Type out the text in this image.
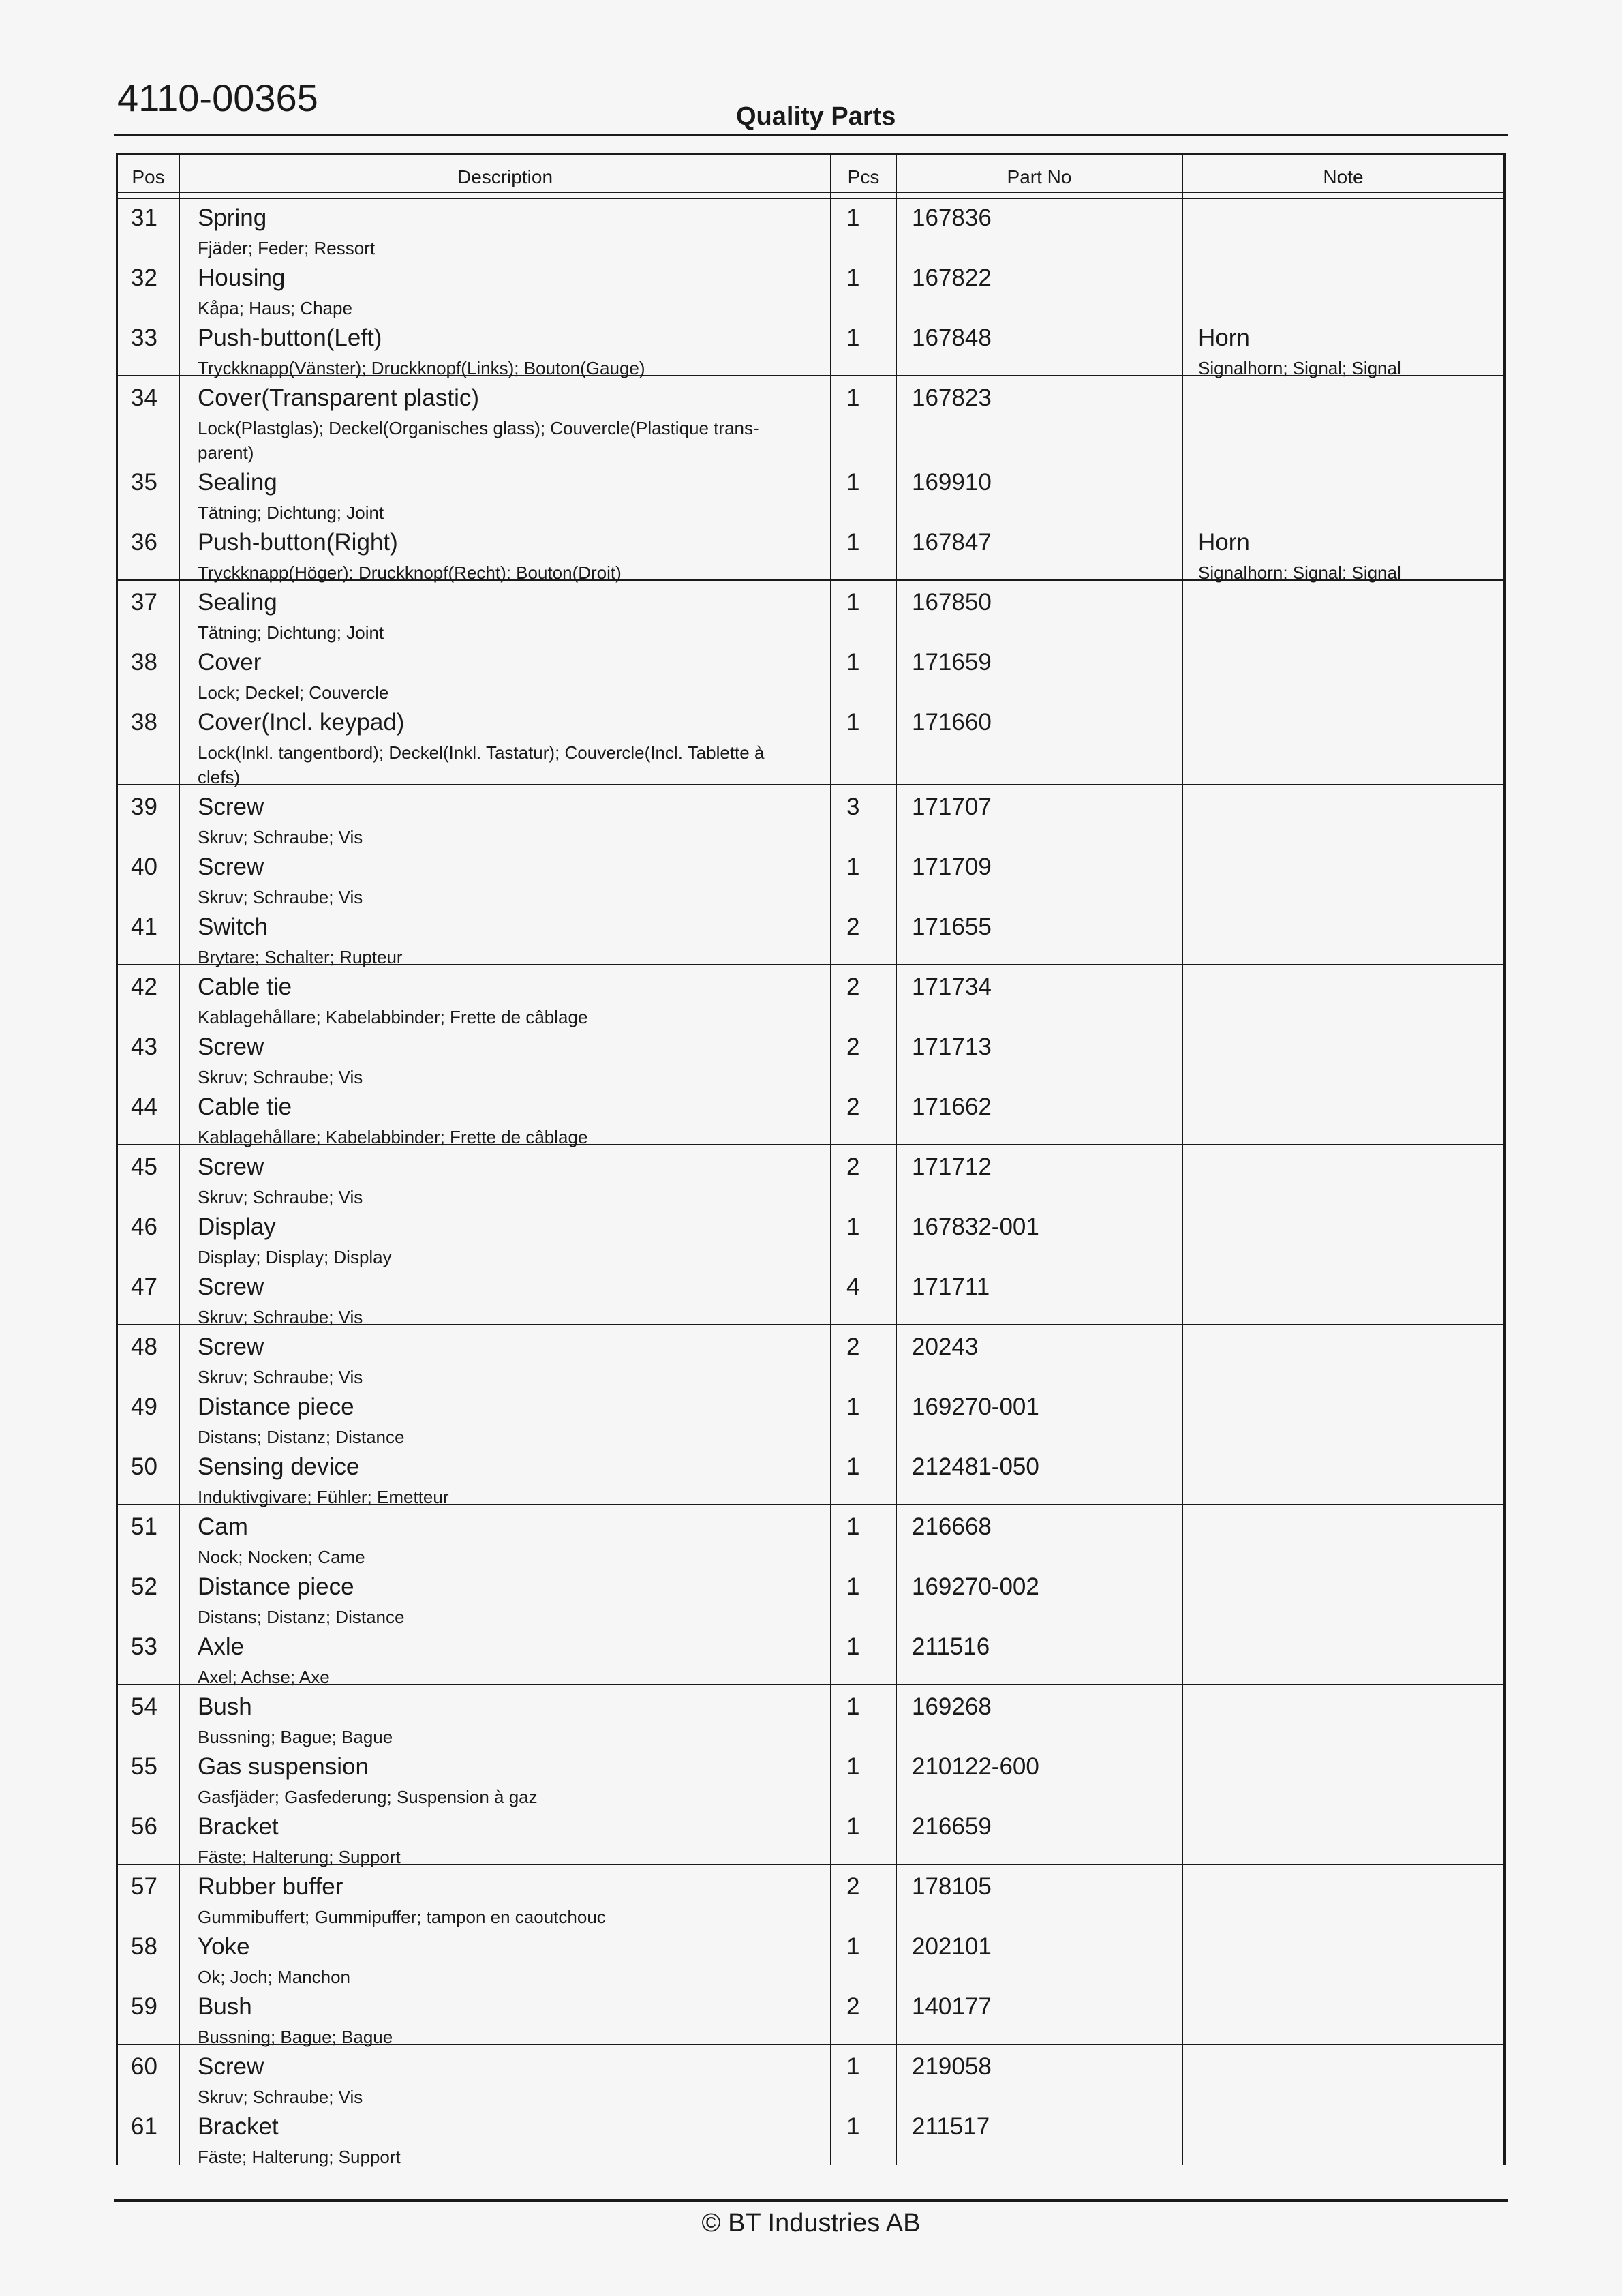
4110-00365	Quality Parts
Pos	Description	Pcs	Part No	Note
31	Spring
Fjäder; Feder; Ressort
1 167836
32	Housing
Kåpa; Haus; Chape
1 167822
33	Push-button(Left)
Tryckknapp(Vänster); Druckknopf(Links); Bouton(Gauge)
1 167848	Horn
Signalhorn; Signal; Signal
34	Cover(Transparent plastic)
Lock(Plastglas); Deckel(Organisches glass); Couvercle(Plastique trans-parent)
1 167823
35	Sealing
Tätning; Dichtung; Joint
1 169910
36	Push-button(Right)
Tryckknapp(Höger); Druckknopf(Recht); Bouton(Droit)
1 167847	Horn
Signalhorn; Signal; Signal
37	Sealing
Tätning; Dichtung; Joint
1 167850
38	Cover
Lock; Deckel; Couvercle
1 171659
38	Cover(Incl. keypad)
Lock(Inkl. tangentbord); Deckel(Inkl. Tastatur); Couvercle(Incl. Tablette à clefs)
1 171660
39	Screw
Skruv; Schraube; Vis
3 171707
40	Screw
Skruv; Schraube; Vis
1 171709
41	Switch
Brytare; Schalter; Rupteur
2 171655
42	Cable tie
Kablagehållare; Kabelabbinder; Frette de câblage
2 171734
43	Screw
Skruv; Schraube; Vis
2 171713
44	Cable tie
Kablagehållare; Kabelabbinder; Frette de câblage
2 171662
45	Screw
Skruv; Schraube; Vis
2 171712
46	Display
Display; Display; Display
1 167832-001
47	Screw
Skruv; Schraube; Vis
4 171711
48	Screw
Skruv; Schraube; Vis
2 20243
49	Distance piece
Distans; Distanz; Distance
1 169270-001
50	Sensing device
Induktivgivare; Fühler; Emetteur
1 212481-050
51	Cam
Nock; Nocken; Came
1 216668
52	Distance piece
Distans; Distanz; Distance
1 169270-002
53	Axle
Axel; Achse; Axe
1 211516
54	Bush
Bussning; Bague; Bague
1 169268
55	Gas suspension
Gasfjäder; Gasfederung; Suspension à gaz
1 210122-600
56	Bracket
Fäste; Halterung; Support
1 216659
57	Rubber buffer
Gummibuffert; Gummipuffer; tampon en caoutchouc
2 178105
58	Yoke
Ok; Joch; Manchon
1 202101
59	Bush
Bussning; Bague; Bague
2 140177
60	Screw
Skruv; Schraube; Vis
1 219058
61	Bracket
Fäste; Halterung; Support
1 211517
© BT Industries AB
